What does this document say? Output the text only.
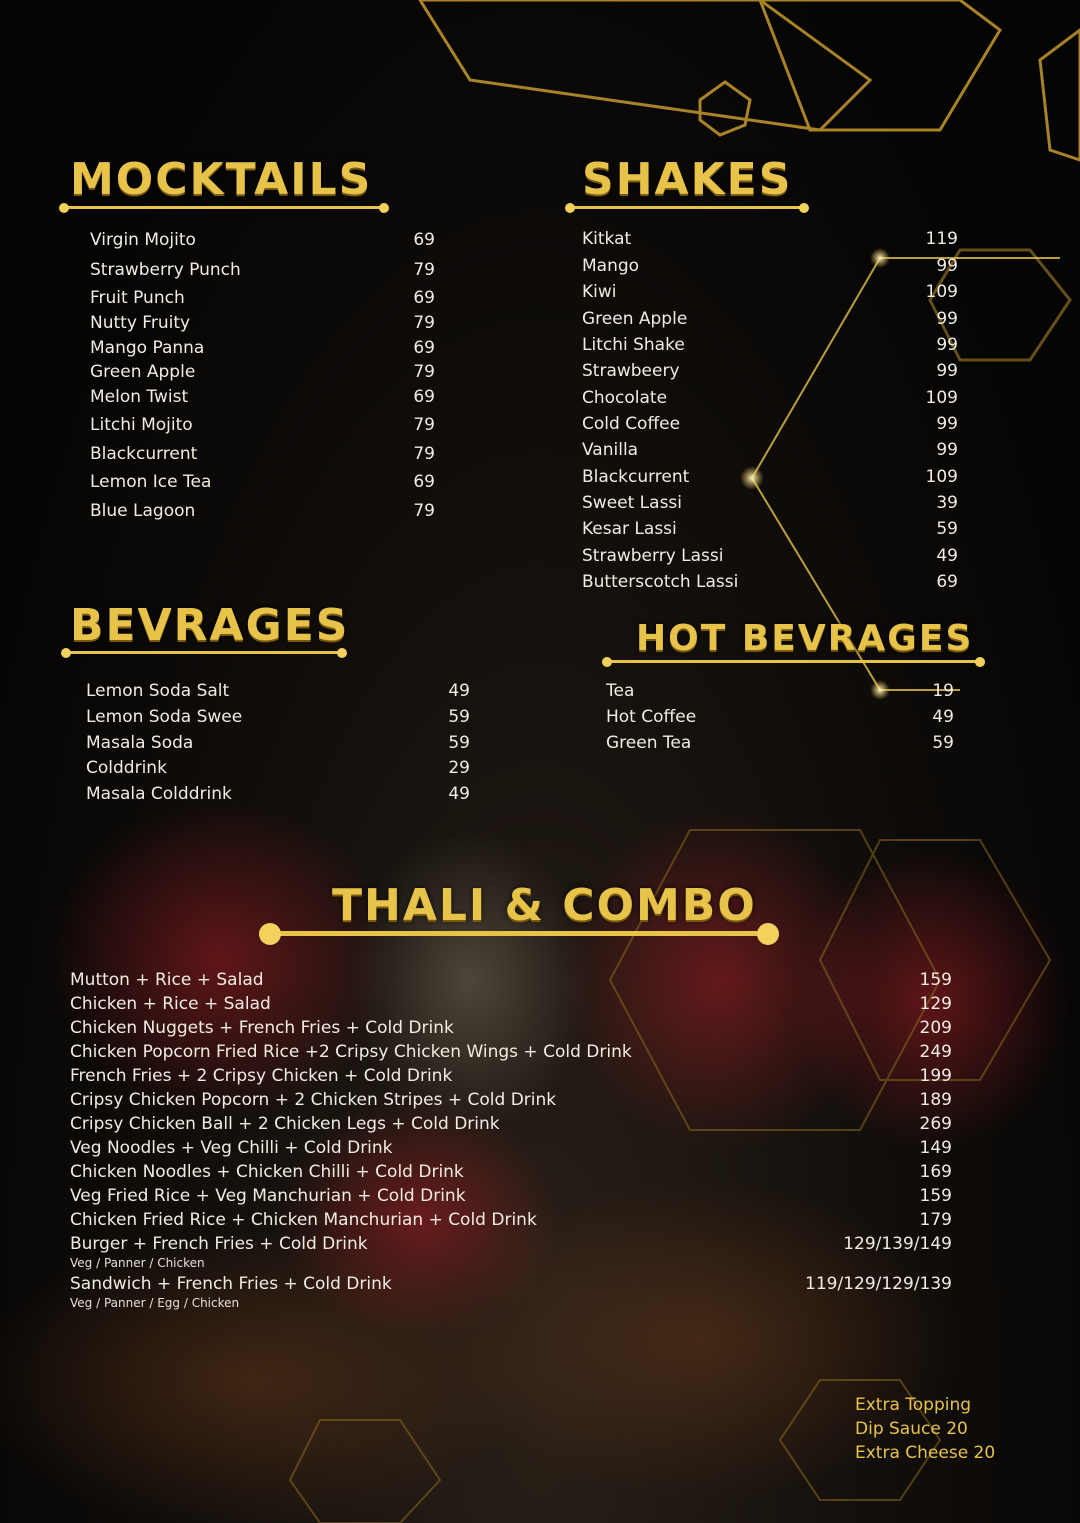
MOCKTAILS
Virgin Mojito	69
Strawberry Punch	79
Fruit Punch	69
Nutty Fruity	79
Mango Panna	69
Green Apple	79
Melon Twist	69
Litchi Mojito	79
Blackcurrent	79
Lemon Ice Tea	69
Blue Lagoon	79
SHAKES
Kitkat	119
Mango	99
Kiwi	109
Green Apple	99
Litchi Shake	99
Strawbeery	99
Chocolate	109
Cold Coffee	99
Vanilla	99
Blackcurrent	109
Sweet Lassi	39
Kesar Lassi	59
Strawberry Lassi	49
Butterscotch Lassi	69
BEVRAGES
Lemon Soda Salt	49
Lemon Soda Swee	59
Masala Soda	59
Colddrink	29
Masala Colddrink	49
HOT BEVRAGES
Tea	19
Hot Coffee	49
Green Tea	59
THALI & COMBO
Mutton + Rice + Salad	159
Chicken + Rice + Salad	129
Chicken Nuggets + French Fries + Cold Drink	209
Chicken Popcorn Fried Rice +2 Cripsy Chicken Wings + Cold Drink	249
French Fries + 2 Cripsy Chicken + Cold Drink	199
Cripsy Chicken Popcorn + 2 Chicken Stripes + Cold Drink	189
Cripsy Chicken Ball + 2 Chicken Legs + Cold Drink	269
Veg Noodles + Veg Chilli + Cold Drink	149
Chicken Noodles + Chicken Chilli + Cold Drink	169
Veg Fried Rice + Veg Manchurian + Cold Drink	159
Chicken Fried Rice + Chicken Manchurian + Cold Drink	179
Burger + French Fries + Cold Drink	129/139/149
Veg / Panner / Chicken
Sandwich + French Fries + Cold Drink	119/129/129/139
Veg / Panner / Egg / Chicken
Extra Topping
Dip Sauce 20
Extra Cheese 20
